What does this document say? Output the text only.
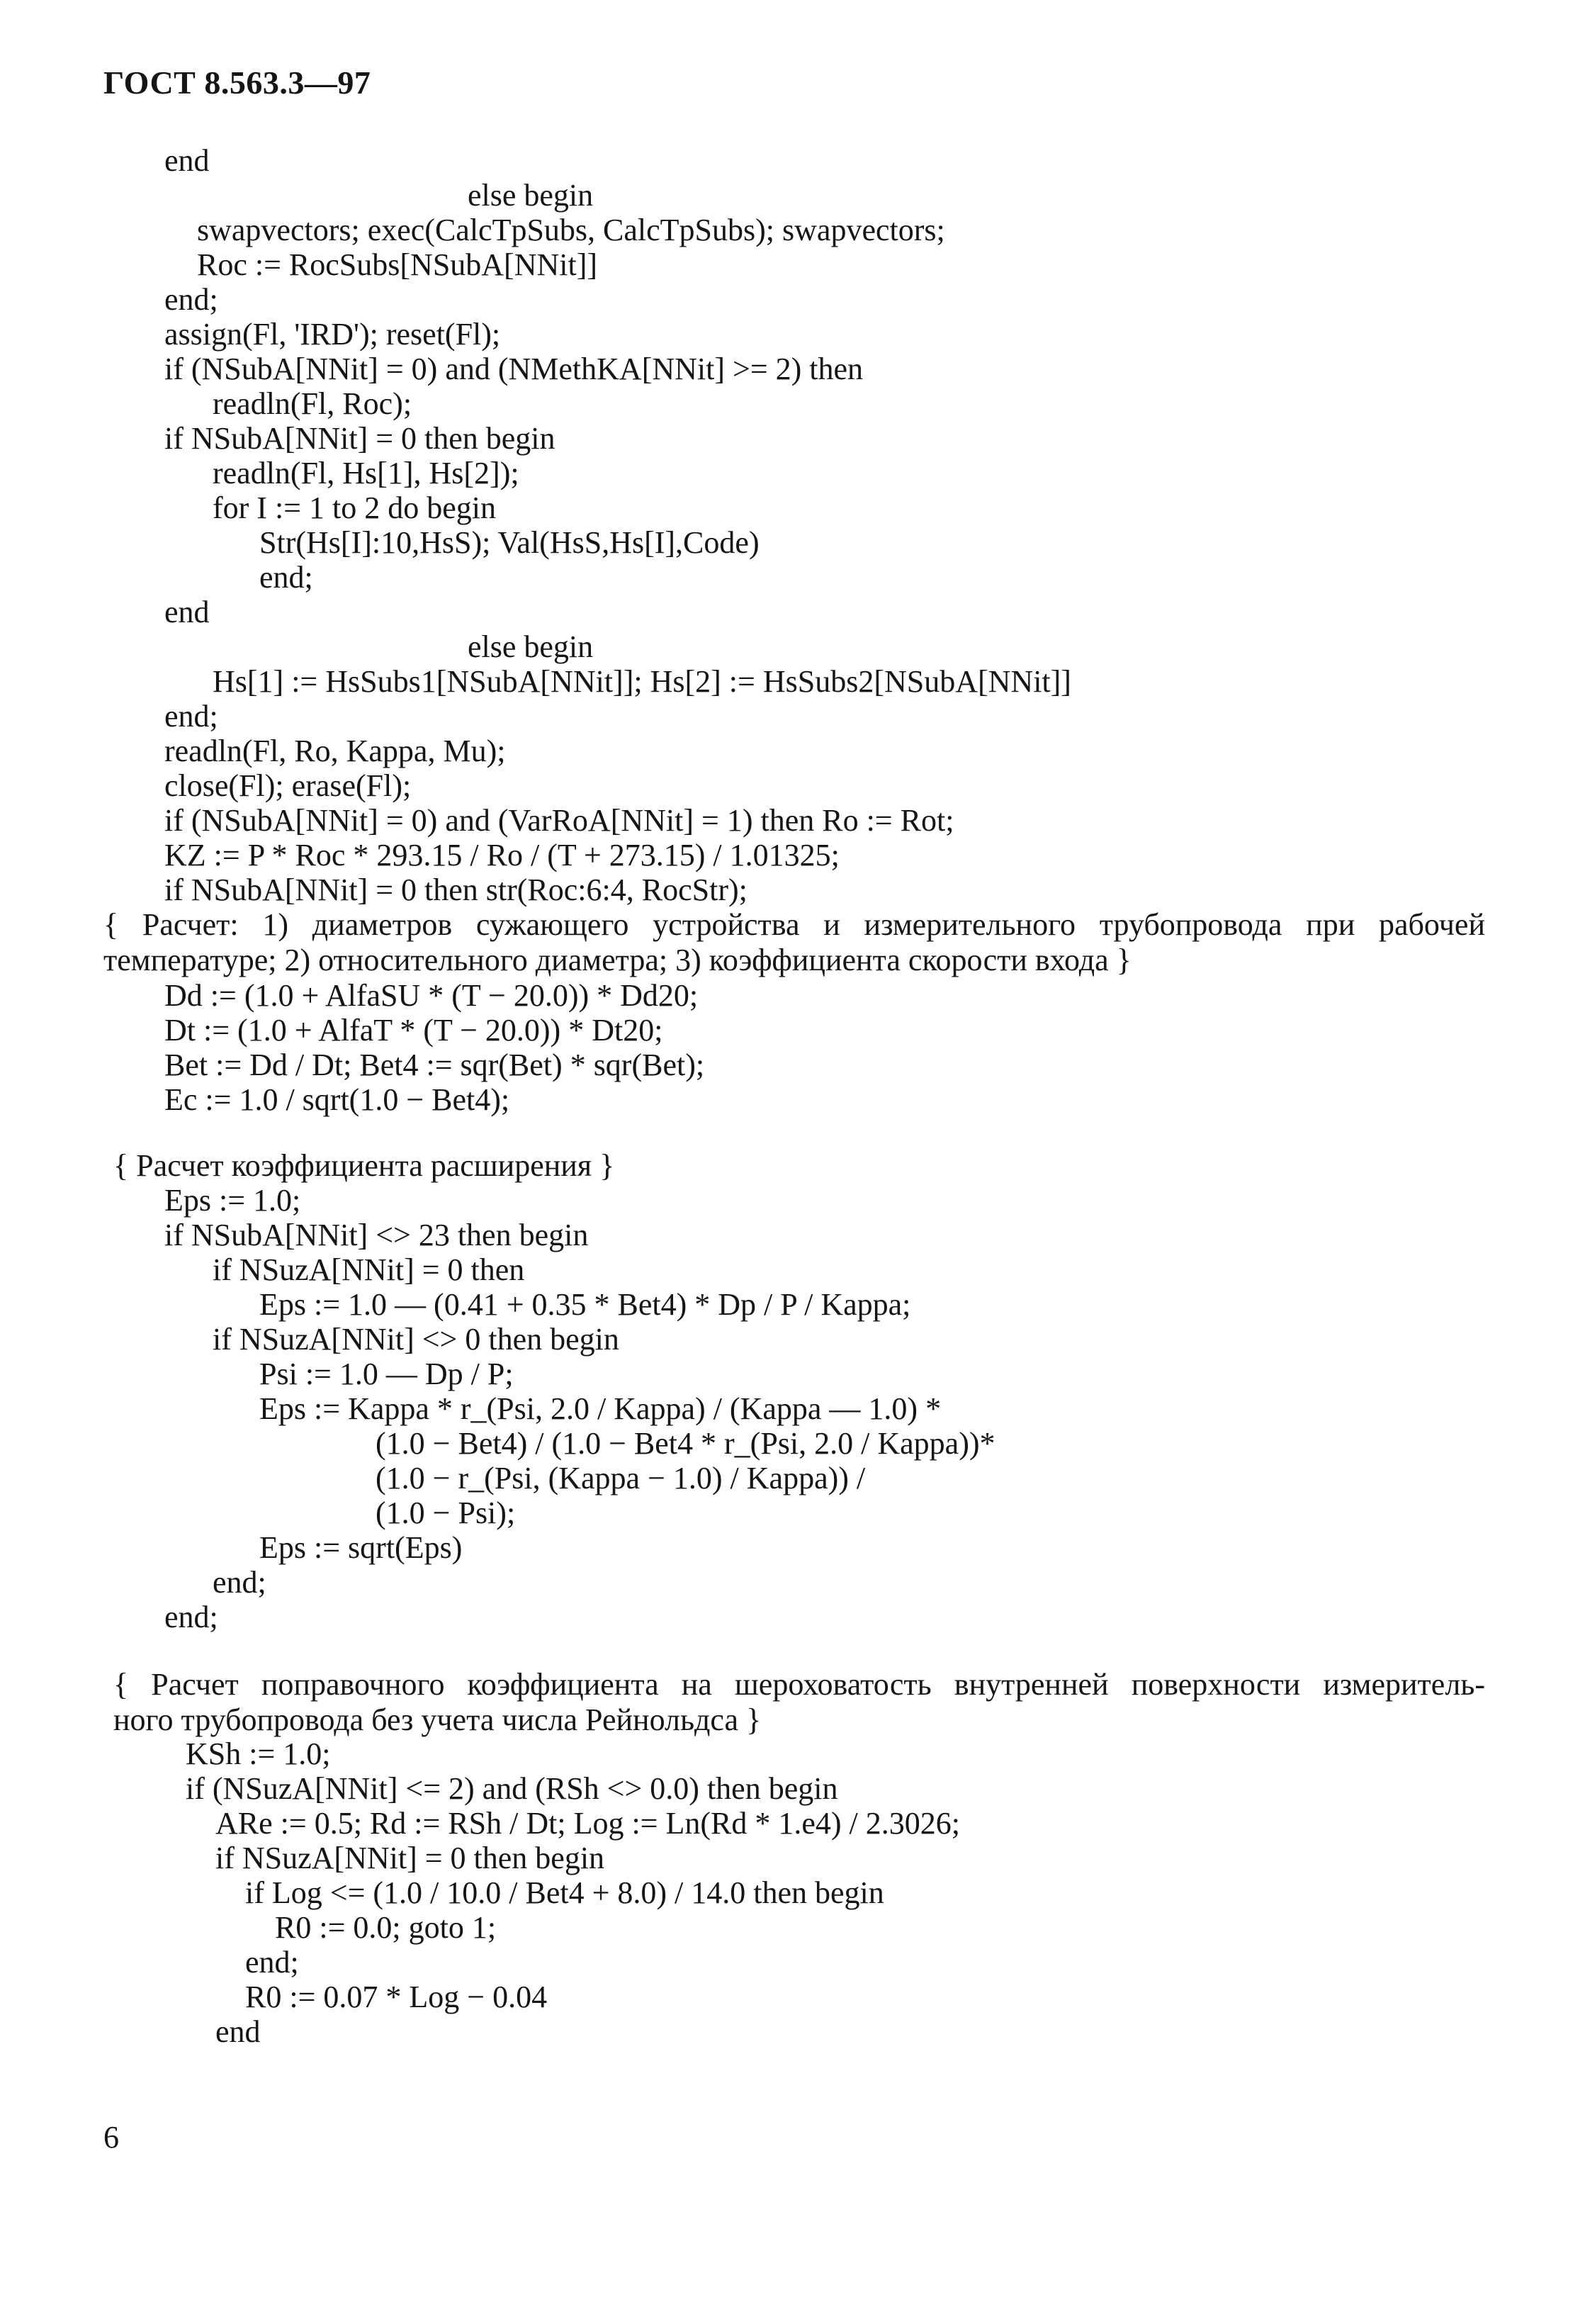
ГОСТ 8.563.3—97
end
else begin
swapvectors; exec(CalcTpSubs, CalcTpSubs); swapvectors;
Roc := RocSubs[NSubA[NNit]]
end;
assign(Fl, 'IRD'); reset(Fl);
if (NSubA[NNit] = 0) and (NMethKA[NNit] >= 2) then
readln(Fl, Roc);
if NSubA[NNit] = 0 then begin
readln(Fl, Hs[1], Hs[2]);
for I := 1 to 2 do begin
Str(Hs[I]:10,HsS); Val(HsS,Hs[I],Code)
end;
end
else begin
Hs[1] := HsSubs1[NSubA[NNit]]; Hs[2] := HsSubs2[NSubA[NNit]]
end;
readln(Fl, Ro, Kappa, Mu);
close(Fl); erase(Fl);
if (NSubA[NNit] = 0) and (VarRoA[NNit] = 1) then Ro := Rot;
KZ := P * Roc * 293.15 / Ro / (T + 273.15) / 1.01325;
if NSubA[NNit] = 0 then str(Roc:6:4, RocStr);
{ Расчет: 1) диаметров сужающего устройства и измерительного трубопровода при рабочей
температуре; 2) относительного диаметра; 3) коэффициента скорости входа }
Dd := (1.0 + AlfaSU * (T − 20.0)) * Dd20;
Dt := (1.0 + AlfaT * (T − 20.0)) * Dt20;
Bet := Dd / Dt; Bet4 := sqr(Bet) * sqr(Bet);
Ec := 1.0 / sqrt(1.0 − Bet4);
{ Расчет коэффициента расширения }
Eps := 1.0;
if NSubA[NNit] <> 23 then begin
if NSuzA[NNit] = 0 then
Eps := 1.0 — (0.41 + 0.35 * Bet4) * Dp / P / Kappa;
if NSuzA[NNit] <> 0 then begin
Psi := 1.0 — Dp / P;
Eps := Kappa * r_(Psi, 2.0 / Kappa) / (Kappa — 1.0) *
(1.0 − Bet4) / (1.0 − Bet4 * r_(Psi, 2.0 / Kappa))*
(1.0 − r_(Psi, (Kappa − 1.0) / Kappa)) /
(1.0 − Psi);
Eps := sqrt(Eps)
end;
end;
{ Расчет поправочного коэффициента на шероховатость внутренней поверхности измеритель-
ного трубопровода без учета числа Рейнольдса }
KSh := 1.0;
if (NSuzA[NNit] <= 2) and (RSh <> 0.0) then begin
ARe := 0.5; Rd := RSh / Dt; Log := Ln(Rd * 1.e4) / 2.3026;
if NSuzA[NNit] = 0 then begin
if Log <= (1.0 / 10.0 / Bet4 + 8.0) / 14.0 then begin
R0 := 0.0; goto 1;
end;
R0 := 0.07 * Log − 0.04
end
6
